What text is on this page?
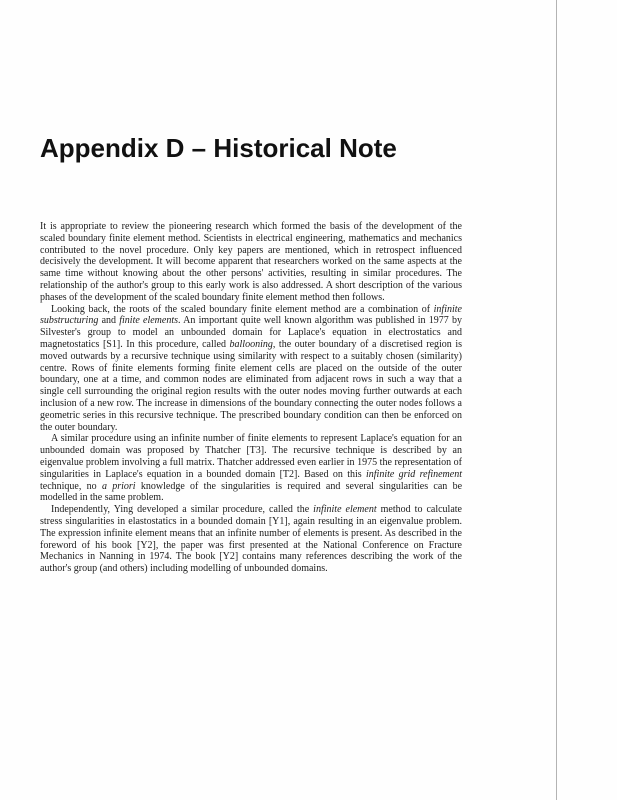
Appendix D – Historical Note

It is appropriate to review the pioneering research which formed the basis of the development of the scaled boundary finite element method. Scientists in electrical engineering, mathematics and mechanics contributed to the novel procedure. Only key papers are mentioned, which in retrospect influenced decisively the development. It will become apparent that researchers worked on the same aspects at the same time without knowing about the other persons' activities, resulting in similar procedures. The relationship of the author's group to this early work is also addressed. A short description of the various phases of the development of the scaled boundary finite element method then follows.

Looking back, the roots of the scaled boundary finite element method are a combination of infinite substructuring and finite elements. An important quite well known algorithm was published in 1977 by Silvester's group to model an unbounded domain for Laplace's equation in electrostatics and magnetostatics [S1]. In this procedure, called ballooning, the outer boundary of a discretised region is moved outwards by a recursive technique using similarity with respect to a suitably chosen (similarity) centre. Rows of finite elements forming finite element cells are placed on the outside of the outer boundary, one at a time, and common nodes are eliminated from adjacent rows in such a way that a single cell surrounding the original region results with the outer nodes moving further outwards at each inclusion of a new row. The increase in dimensions of the boundary connecting the outer nodes follows a geometric series in this recursive technique. The prescribed boundary condition can then be enforced on the outer boundary.

A similar procedure using an infinite number of finite elements to represent Laplace's equation for an unbounded domain was proposed by Thatcher [T3]. The recursive technique is described by an eigenvalue problem involving a full matrix. Thatcher addressed even earlier in 1975 the representation of singularities in Laplace's equation in a bounded domain [T2]. Based on this infinite grid refinement technique, no a priori knowledge of the singularities is required and several singularities can be modelled in the same problem.

Independently, Ying developed a similar procedure, called the infinite element method to calculate stress singularities in elastostatics in a bounded domain [Y1], again resulting in an eigenvalue problem. The expression infinite element means that an infinite number of elements is present. As described in the foreword of his book [Y2], the paper was first presented at the National Conference on Fracture Mechanics in Nanning in 1974. The book [Y2] contains many references describing the work of the author's group (and others) including modelling of unbounded domains.
